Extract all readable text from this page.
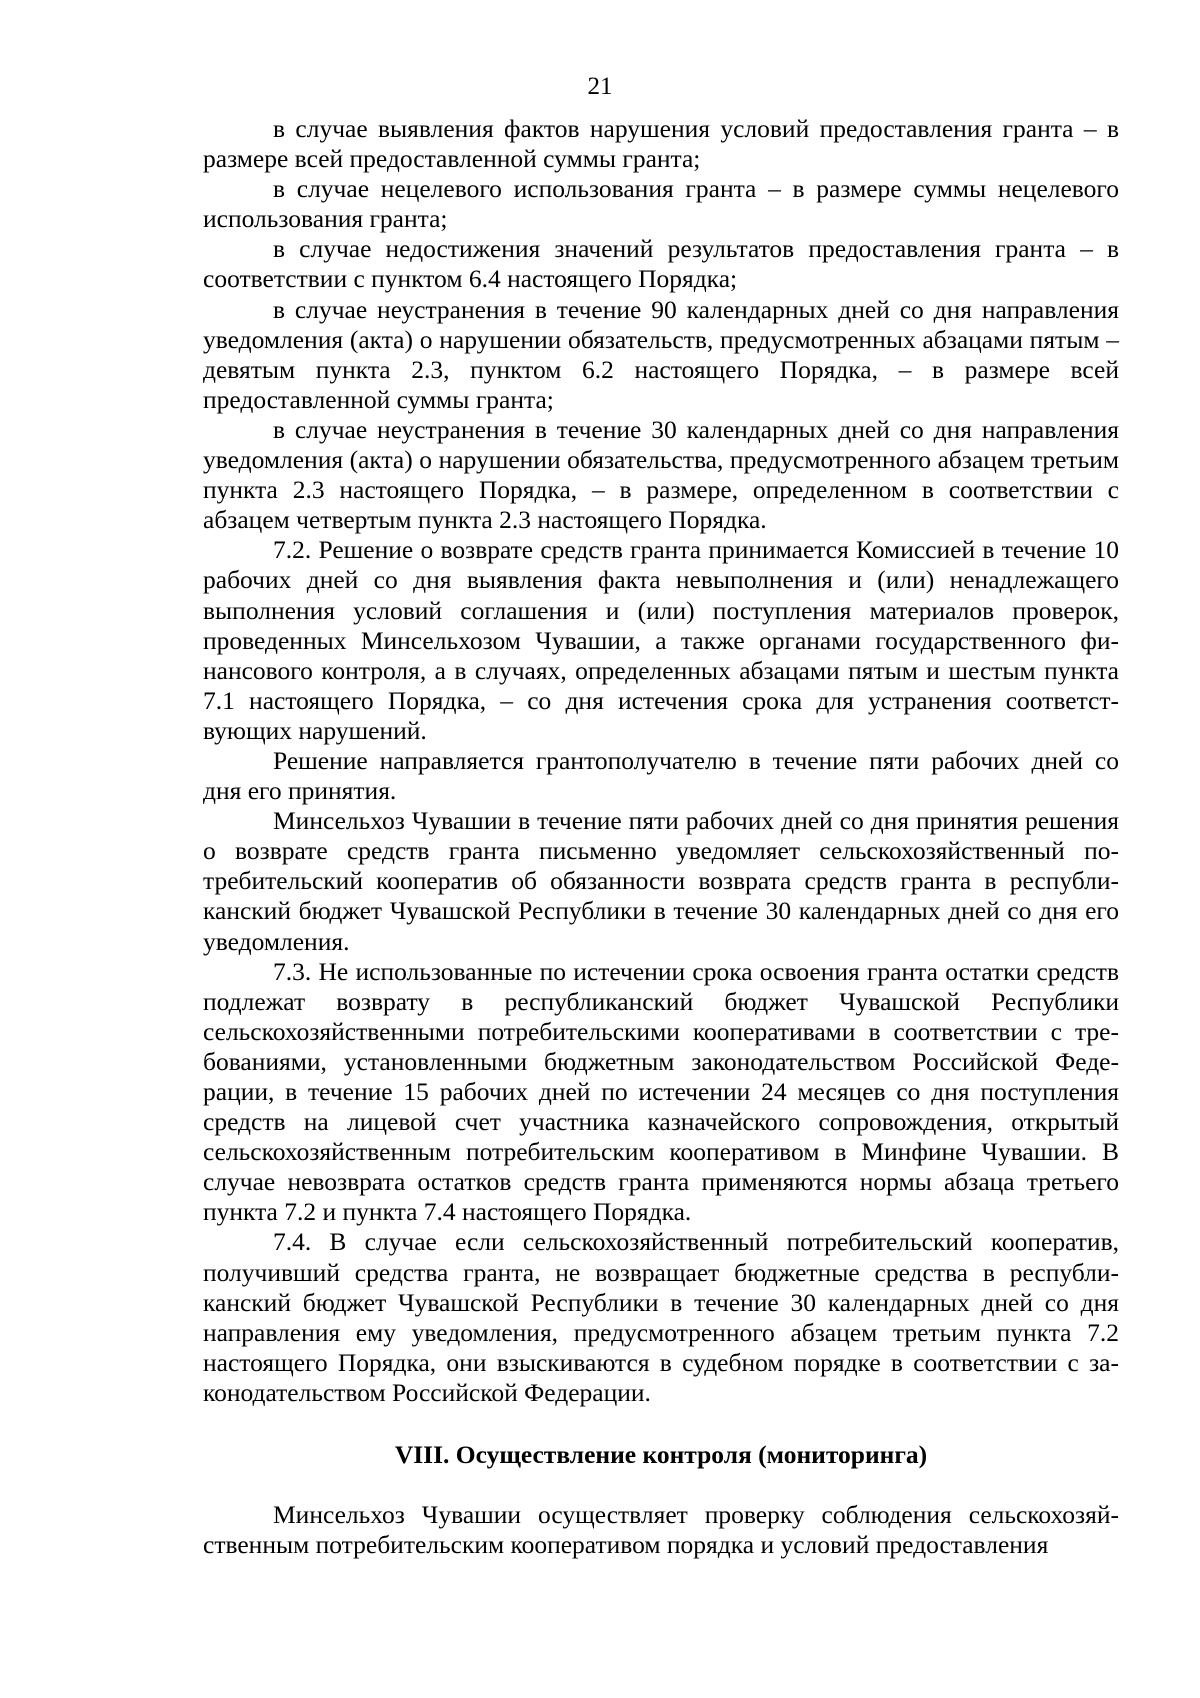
21

в случае выявления фактов нарушения условий предоставления гранта – в размере всей предоставленной суммы гранта;

в случае нецелевого использования гранта – в размере суммы нецелевого использования гранта;

в случае недостижения значений результатов предоставления гранта – в соответствии с пунктом 6.4 настоящего Порядка;

в случае неустранения в течение 90 календарных дней со дня направления уведомления (акта) о нарушении обязательств, предусмотренных абзацами пятым – девятым пункта 2.3, пунктом 6.2 настоящего Порядка, – в размере всей предоставленной суммы гранта;

в случае неустранения в течение 30 календарных дней со дня направления уведомления (акта) о нарушении обязательства, предусмотренного абзацем третьим пункта 2.3 настоящего Порядка, – в размере, определенном в соответствии с абзацем четвертым пункта 2.3 настоящего Порядка.

7.2. Решение о возврате средств гранта принимается Комиссией в течение 10 рабочих дней со дня выявления факта невыполнения и (или) ненадлежащего выполнения условий соглашения и (или) поступления материалов проверок, проведенных Минсельхозом Чувашии, а также органами государственного финансового контроля, а в случаях, определенных абзацами пятым и шестым пункта 7.1 настоящего Порядка, – со дня истечения срока для устранения соответствующих нарушений.

Решение направляется грантополучателю в течение пяти рабочих дней со дня его принятия.

Минсельхоз Чувашии в течение пяти рабочих дней со дня принятия решения о возврате средств гранта письменно уведомляет сельскохозяйственный потребительский кооператив об обязанности возврата средств гранта в республиканский бюджет Чувашской Республики в течение 30 календарных дней со дня его уведомления.

7.3. Не использованные по истечении срока освоения гранта остатки средств подлежат возврату в республиканский бюджет Чувашской Республики сельскохозяйственными потребительскими кооперативами в соответствии с требованиями, установленными бюджетным законодательством Российской Федерации, в течение 15 рабочих дней по истечении 24 месяцев со дня поступления средств на лицевой счет участника казначейского сопровождения, открытый сельскохозяйственным потребительским кооперативом в Минфине Чувашии. В случае невозврата остатков средств гранта применяются нормы абзаца третьего пункта 7.2 и пункта 7.4 настоящего Порядка.

7.4. В случае если сельскохозяйственный потребительский кооператив, получивший средства гранта, не возвращает бюджетные средства в республиканский бюджет Чувашской Республики в течение 30 календарных дней со дня направления ему уведомления, предусмотренного абзацем третьим пункта 7.2 настоящего Порядка, они взыскиваются в судебном порядке в соответствии с законодательством Российской Федерации.

VIII. Осуществление контроля (мониторинга)

Минсельхоз Чувашии осуществляет проверку соблюдения сельскохозяйственным потребительским кооперативом порядка и условий предоставления
